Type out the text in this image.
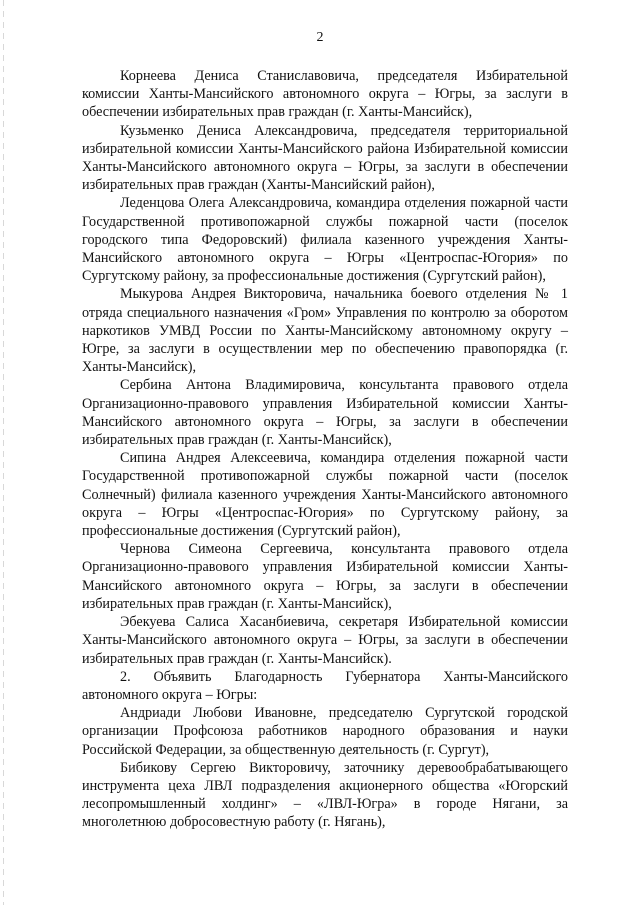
2

Корнеева Дениса Станиславовича, председателя Избирательной комиссии Ханты-Мансийского автономного округа – Югры, за заслуги в обеспечении избирательных прав граждан (г. Ханты-Мансийск),

Кузьменко Дениса Александровича, председателя территориальной избирательной комиссии Ханты-Мансийского района Избирательной комиссии Ханты-Мансийского автономного округа – Югры, за заслуги в обеспечении избирательных прав граждан (Ханты-Мансийский район),

Леденцова Олега Александровича, командира отделения пожарной части Государственной противопожарной службы пожарной части (поселок городского типа Федоровский) филиала казенного учреждения Ханты-Мансийского автономного округа – Югры «Центроспас-Югория» по Сургутскому району, за профессиональные достижения (Сургутский район),

Мыкурова Андрея Викторовича, начальника боевого отделения № 1 отряда специального назначения «Гром» Управления по контролю за оборотом наркотиков УМВД России по Ханты-Мансийскому автономному округу – Югре, за заслуги в осуществлении мер по обеспечению правопорядка (г. Ханты-Мансийск),

Сербина Антона Владимировича, консультанта правового отдела Организационно-правового управления Избирательной комиссии Ханты-Мансийского автономного округа – Югры, за заслуги в обеспечении избирательных прав граждан (г. Ханты-Мансийск),

Сипина Андрея Алексеевича, командира отделения пожарной части Государственной противопожарной службы пожарной части (поселок Солнечный) филиала казенного учреждения Ханты-Мансийского автономного округа – Югры «Центроспас-Югория» по Сургутскому району, за профессиональные достижения (Сургутский район),

Чернова Симеона Сергеевича, консультанта правового отдела Организационно-правового управления Избирательной комиссии Ханты-Мансийского автономного округа – Югры, за заслуги в обеспечении избирательных прав граждан (г. Ханты-Мансийск),

Эбекуева Салиса Хасанбиевича, секретаря Избирательной комиссии Ханты-Мансийского автономного округа – Югры, за заслуги в обеспечении избирательных прав граждан (г. Ханты-Мансийск).

2. Объявить Благодарность Губернатора Ханты-Мансийского автономного округа – Югры:

Андриади Любови Ивановне, председателю Сургутской городской организации Профсоюза работников народного образования и науки Российской Федерации, за общественную деятельность (г. Сургут),

Бибикову Сергею Викторовичу, заточнику деревообрабатывающего инструмента цеха ЛВЛ подразделения акционерного общества «Югорский лесопромышленный холдинг» – «ЛВЛ-Югра» в городе Нягани, за многолетнюю добросовестную работу (г. Нягань),
